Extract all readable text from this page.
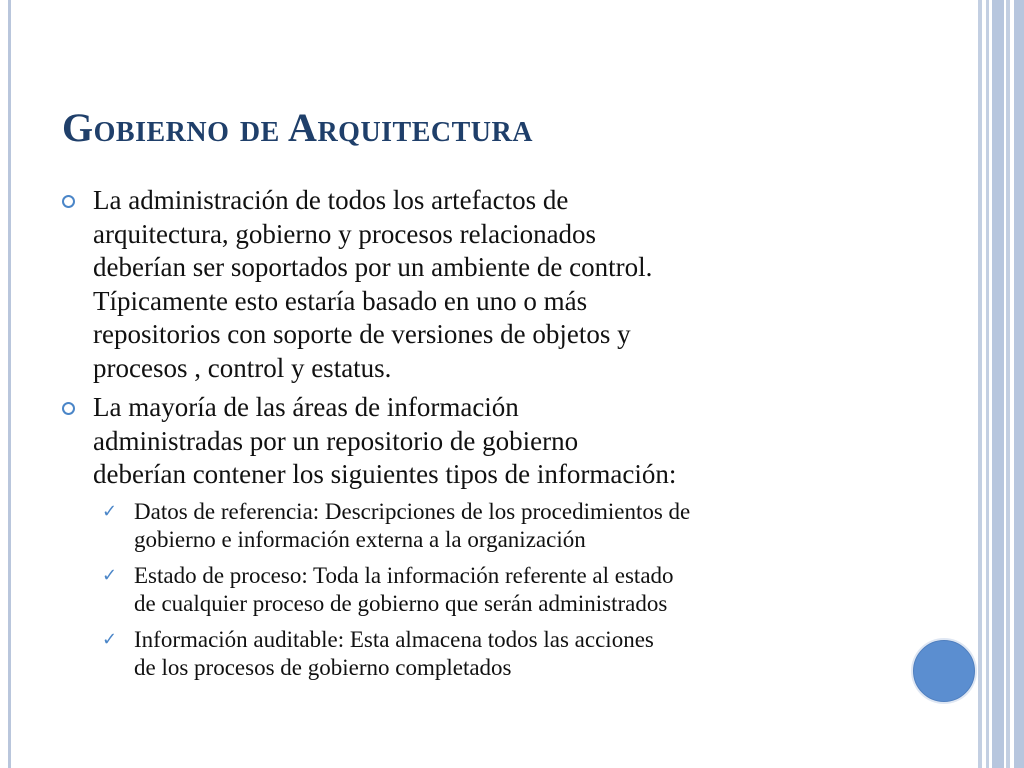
Gobierno de Arquitectura
La administración de todos los artefactos de
arquitectura, gobierno y procesos relacionados
deberían ser soportados por un ambiente de control.
Típicamente esto estaría basado en uno o más
repositorios con soporte de versiones de objetos y
procesos , control y estatus.
La mayoría de las áreas de información
administradas por un repositorio de gobierno
deberían contener los siguientes tipos de información:
✓ Datos de referencia: Descripciones de los procedimientos de
gobierno e información externa a la organización
✓ Estado de proceso: Toda la información referente al estado
de cualquier proceso de gobierno que serán administrados
✓ Información auditable: Esta almacena todos las acciones
de los procesos de gobierno completados
